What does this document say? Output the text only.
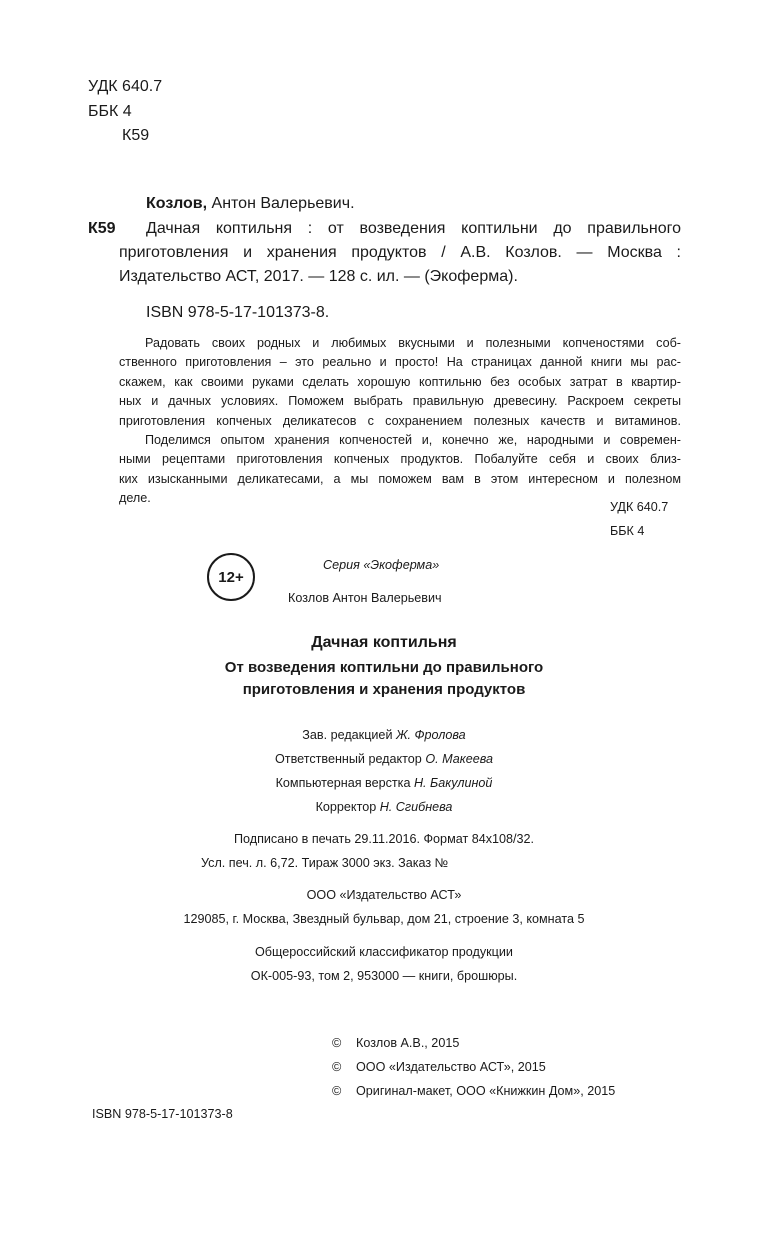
УДК 640.7
ББК 4
К59
Козлов, Антон Валерьевич.
К59 Дачная коптильня : от возведения коптильни до правильного
приготовления и хранения продуктов / А.В. Козлов. — Москва :
Издательство АСТ, 2017. — 128 с. ил. — (Экоферма).
ISBN 978-5-17-101373-8.

Радовать своих родных и любимых вкусными и полезными копченостями соб-

ственного приготовления – это реально и просто! На страницах данной книги мы рас-

скажем, как своими руками сделать хорошую коптильню без особых затрат в квартир-

ных и дачных условиях. Поможем выбрать правильную древесину. Раскроем секреты

приготовления копченых деликатесов с сохранением полезных качеств и витаминов.

Поделимся опытом хранения копченостей и, конечно же, народными и современ-

ными рецептами приготовления копченых продуктов. Побалуйте себя и своих близ-

ких изысканными деликатесами, а мы поможем вам в этом интересном и полезном

деле.

УДК 640.7
ББК 4
12+
Серия «Экоферма»
Козлов Антон Валерьевич
Дачная коптильня
От возведения коптильни до правильного
приготовления и хранения продуктов
Зав. редакцией Ж. Фролова
Ответственный редактор О. Макеева
Компьютерная верстка Н. Бакулиной
Корректор Н. Сгибнева
Подписано в печать 29.11.2016. Формат 84х108/32.
Усл. печ. л. 6,72. Тираж 3000 экз. Заказ №
ООО «Издательство АСТ»
129085, г. Москва, Звездный бульвар, дом 21, строение 3, комната 5
Общероссийский классификатор продукции
ОК-005-93, том 2, 953000 — книги, брошюры.
ISBN 978-5-17-101373-8
© Козлов А.В., 2015
© ООО «Издательство АСТ», 2015
© Оригинал-макет, ООО «Книжкин Дом», 2015
